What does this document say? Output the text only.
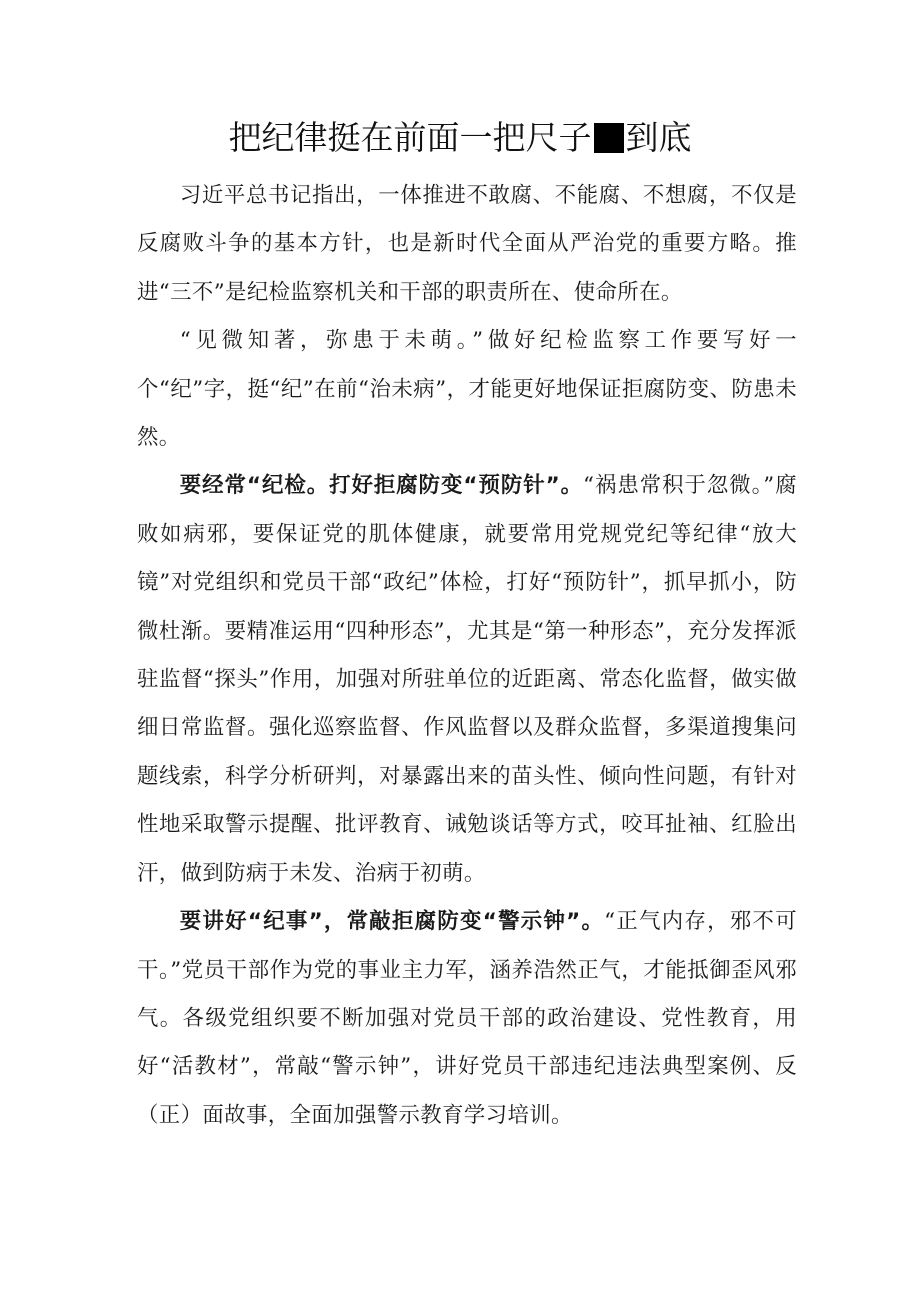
把纪律挺在前面一把尺子 到底

习近平总书记指出，一体推进不敢腐、不能腐、不想腐，不仅是反腐败斗争的基本方针，也是新时代全面从严治党的重要方略。推进“三不”是纪检监察机关和干部的职责所在、使命所在。

“见微知著，弥患于未萌。”做好纪检监察工作要写好一个“纪”字，挺“纪”在前“治未病”，才能更好地保证拒腐防变、防患未然。

要经常“纪检。打好拒腐防变“预防针”。“祸患常积于忽微。”腐败如病邪，要保证党的肌体健康，就要常用党规党纪等纪律“放大镜”对党组织和党员干部“政纪”体检，打好“预防针”，抓早抓小，防微杜渐。要精准运用“四种形态”，尤其是“第一种形态”，充分发挥派驻监督“探头”作用，加强对所驻单位的近距离、常态化监督，做实做细日常监督。强化巡察监督、作风监督以及群众监督，多渠道搜集问题线索，科学分析研判，对暴露出来的苗头性、倾向性问题，有针对性地采取警示提醒、批评教育、诫勉谈话等方式，咬耳扯袖、红脸出汗，做到防病于未发、治病于初萌。

要讲好“纪事”，常敲拒腐防变“警示钟”。“正气内存，邪不可干。”党员干部作为党的事业主力军，涵养浩然正气，才能抵御歪风邪气。各级党组织要不断加强对党员干部的政治建设、党性教育，用好“活教材”，常敲“警示钟”，讲好党员干部违纪违法典型案例、反（正）面故事，全面加强警示教育学习培训。
